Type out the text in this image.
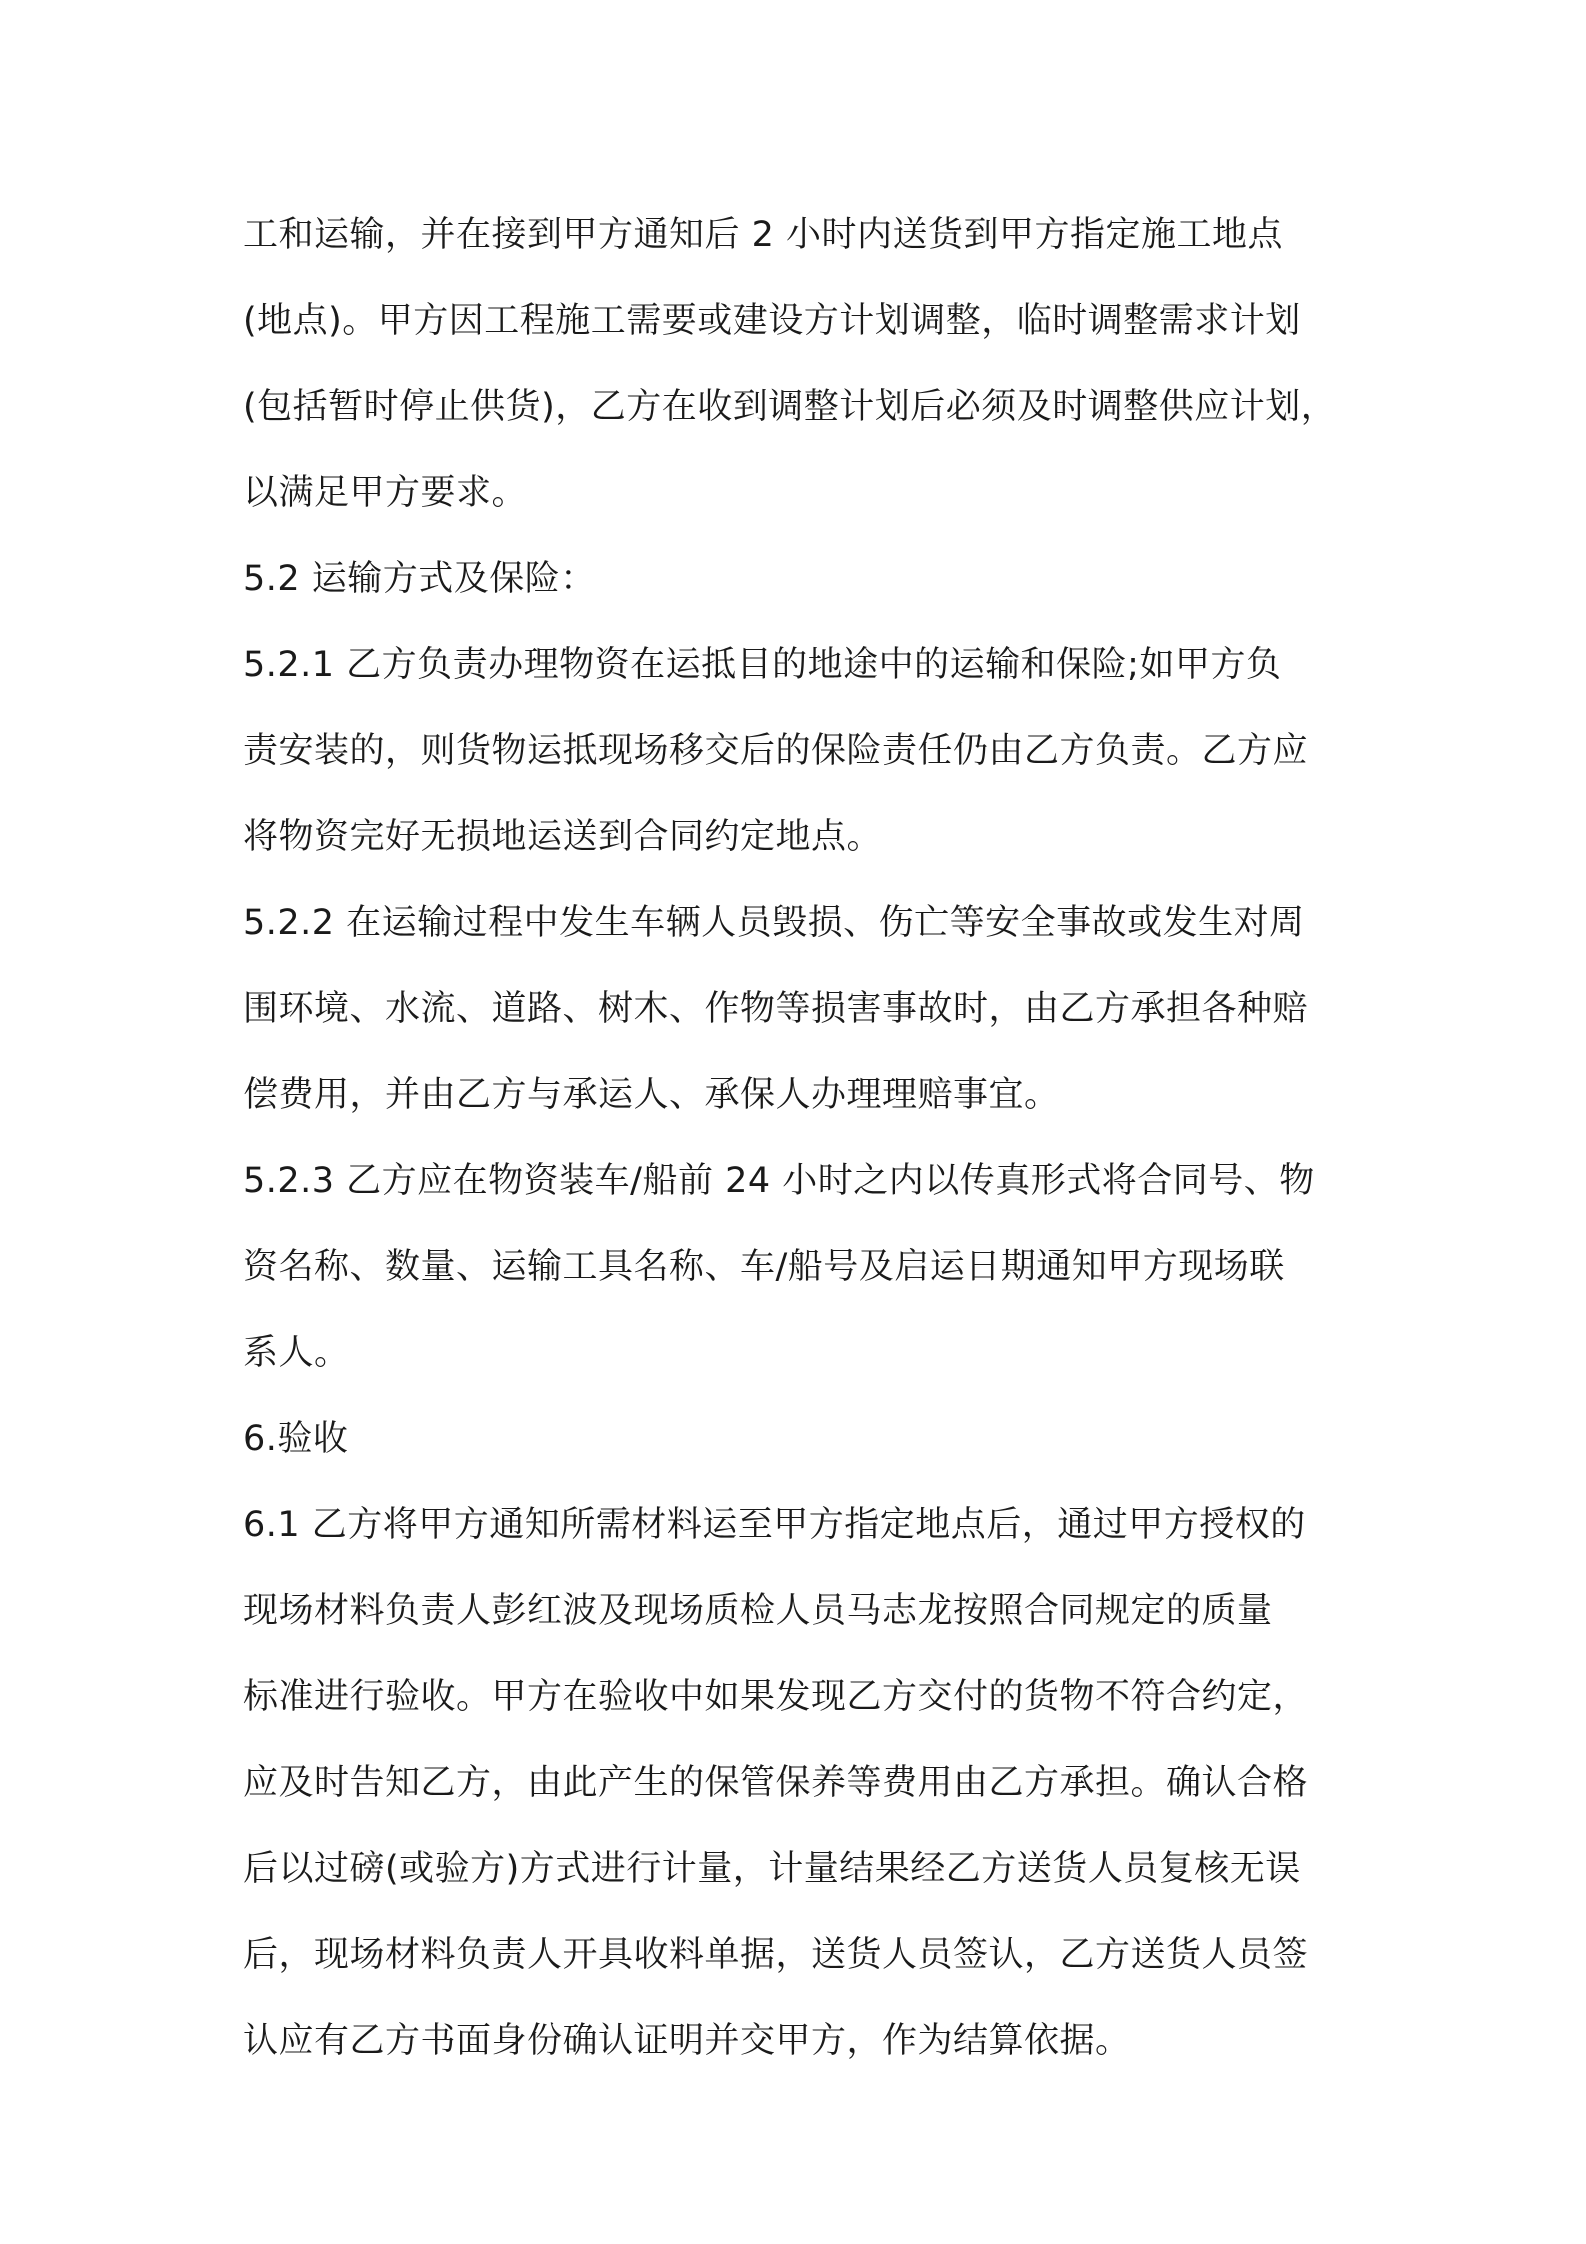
工和运输，并在接到甲方通知后 2 小时内送货到甲方指定施工地点
(地点)。甲方因工程施工需要或建设方计划调整，临时调整需求计划
(包括暂时停止供货)，乙方在收到调整计划后必须及时调整供应计划，
以满足甲方要求。
5.2 运输方式及保险：
5.2.1 乙方负责办理物资在运抵目的地途中的运输和保险;如甲方负
责安装的，则货物运抵现场移交后的保险责任仍由乙方负责。乙方应
将物资完好无损地运送到合同约定地点。
5.2.2 在运输过程中发生车辆人员毁损、伤亡等安全事故或发生对周
围环境、水流、道路、树木、作物等损害事故时，由乙方承担各种赔
偿费用，并由乙方与承运人、承保人办理理赔事宜。
5.2.3 乙方应在物资装车/船前 24 小时之内以传真形式将合同号、物
资名称、数量、运输工具名称、车/船号及启运日期通知甲方现场联
系人。
6.验收
6.1 乙方将甲方通知所需材料运至甲方指定地点后，通过甲方授权的
现场材料负责人彭红波及现场质检人员马志龙按照合同规定的质量
标准进行验收。甲方在验收中如果发现乙方交付的货物不符合约定，
应及时告知乙方，由此产生的保管保养等费用由乙方承担。确认合格
后以过磅(或验方)方式进行计量，计量结果经乙方送货人员复核无误
后，现场材料负责人开具收料单据，送货人员签认，乙方送货人员签
认应有乙方书面身份确认证明并交甲方，作为结算依据。
